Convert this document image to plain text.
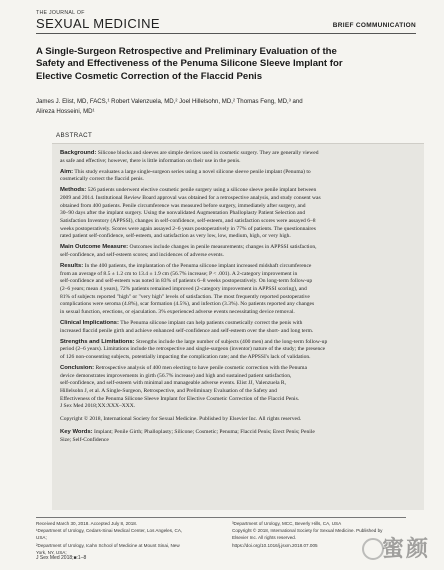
THE JOURNAL OF
SEXUAL MEDICINE	BRIEF COMMUNICATION
A Single-Surgeon Retrospective and Preliminary Evaluation of the
Safety and Effectiveness of the Penuma Silicone Sleeve Implant for
Elective Cosmetic Correction of the Flaccid Penis
James J. Elist, MD, FACS,¹ Robert Valenzuela, MD,² Joel Hillelsohn, MD,² Thomas Feng, MD,³ and
Alireza Hosseini, MD¹
ABSTRACT
Background: Silicone blocks and sleeves are simple devices used in cosmetic surgery. They are generally viewed
as safe and effective; however, there is little information on their use in the penis.
Aim: This study evaluates a large single-surgeon series using a novel silicone sleeve penile implant (Penuma) to
cosmetically correct the flaccid penis.
Methods: 526 patients underwent elective cosmetic penile surgery using a silicone sleeve penile implant between
2009 and 2014. Institutional Review Board approval was obtained for a retrospective analysis, and study consent was
obtained from 400 patients. Penile circumference was measured before surgery, immediately after surgery, and
30–90 days after the implant surgery. Using the nonvalidated Augmentation Phalloplasty Patient Selection and
Satisfaction Inventory (APPSSI), changes in self-confidence, self-esteem, and satisfaction scores were assayed 6–8
weeks postoperatively. Scores were again assayed 2–6 years postoperatively in 77% of patients. The questionnaires
rated patient self-confidence, self-esteem, and satisfaction as very low, low, medium, high, or very high.
Main Outcome Measure: Outcomes include changes in penile measurements; changes in APPSSI satisfaction,
self-confidence, and self-esteem scores; and incidences of adverse events.
Results: In the 400 patients, the implantation of the Penuma silicone implant increased midshaft circumference
from an average of 8.5 ± 1.2 cm to 13.4 ± 1.9 cm (56.7% increase; P < .001). A 2-category improvement in
self-confidence and self-esteem was noted in 83% of patients 6–8 weeks postoperatively. On long-term follow-up
(2–6 years; mean 4 years), 72% patients remained improved (2-category improvement in APPSSI scoring), and
81% of subjects reported "high" or "very high" levels of satisfaction. The most frequently reported postoperative
complications were seroma (4.8%), scar formation (4.5%), and infection (3.3%). No patients reported any changes
in sexual function, erections, or ejaculation. 3% experienced adverse events necessitating device removal.
Clinical Implications: The Penuma silicone implant can help patients cosmetically correct the penis with
increased flaccid penile girth and achieve enhanced self-confidence and self-esteem over the short- and long term.
Strengths and Limitations: Strengths include the large number of subjects (400 men) and the long-term follow-up
period (2–6 years). Limitations include the retrospective and single-surgeon (inventor) nature of the study; the presence
of 126 non-consenting subjects, potentially impacting the complication rate; and the APPSSI's lack of validation.
Conclusion: Retrospective analysis of 400 men electing to have penile cosmetic correction with the Penuma
device demonstrates improvements in girth (56.7% increase) and high and sustained patient satisfaction,
self-confidence, and self-esteem with minimal and manageable adverse events. Elist JJ, Valenzuela R,
Hillelsohn J, et al. A Single-Surgeon, Retrospective, and Preliminary Evaluation of the Safety and
Effectiveness of the Penuma Silicone Sleeve Implant for Elective Cosmetic Correction of the Flaccid Penis.
J Sex Med 2018;XX:XXX–XXX.
Copyright © 2018, International Society for Sexual Medicine. Published by Elsevier Inc. All rights reserved.
Key Words: Implant; Penile Girth; Phalloplasty; Silicone; Cosmetic; Penuma; Flaccid Penis; Erect Penis; Penile
Size; Self-Confidence
Received March 30, 2018. Accepted July 8, 2018.
¹Department of Urology, Cedars-Sinai Medical Center, Los Angeles, CA,
USA;
²Department of Urology, Icahn School of Medicine at Mount Sinai, New
York, NY, USA;
³Department of Urology, MCC, Beverly Hills, CA, USA
Copyright © 2018, International Society for Sexual Medicine. Published by
Elsevier Inc. All rights reserved.
https://doi.org/10.1016/j.jsxm.2018.07.005
J Sex Med 2018;■:1–8	蜜颜
